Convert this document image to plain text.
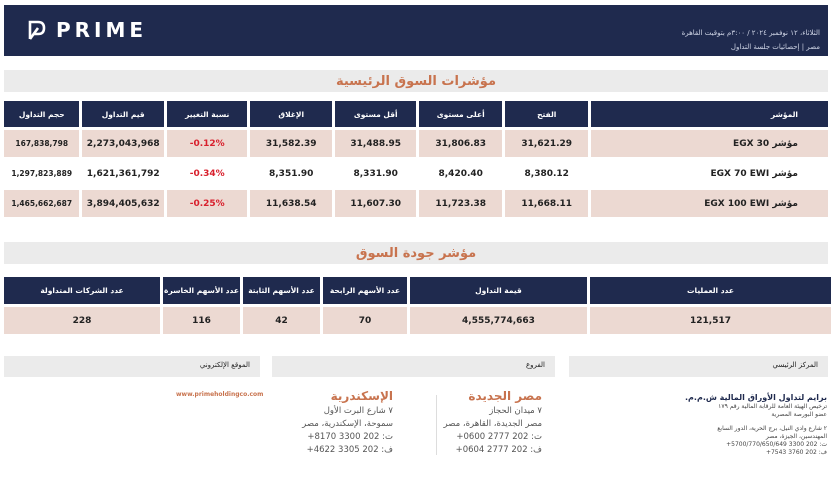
PRIME	الثلاثاء، ١٢ نوفمبر ٢٠٢٤ / ٣:٠٠م بتوقيت القاهرة
مصر | إحصائيات جلسة التداول
مؤشرات السوق الرئيسية
حجم التداول	قيم التداول	نسبة التغيير	الإغلاق	أقل مستوى	أعلى مستوى	الفتح	المؤشر
167,838,798	2,273,043,968	-0.12%	31,582.39	31,488.95	31,806.83	31,621.29	مؤشر EGX 30
1,297,823,889	1,621,361,792	-0.34%	8,351.90	8,331.90	8,420.40	8,380.12	مؤشر EGX 70 EWI
1,465,662,687	3,894,405,632	-0.25%	11,638.54	11,607.30	11,723.38	11,668.11	مؤشر EGX 100 EWI
مؤشر جودة السوق
عدد الشركات المتداولة	عدد الأسهم الخاسرة	عدد الأسهم الثابتة	عدد الأسهم الرابحة	قيمة التداول	عدد العمليات
228	116	42	70	4,555,774,663	121,517
الموقع الإلكتروني	الفروع	المركز الرئيسي
برايم لتداول الأوراق المالية ش.م.م.
ترخيص الهيئة العامة للرقابة المالية رقم ١٧٩
عضو البورصة المصرية
٢ شارع وادي النيل، برج الحرية، الدور السابع
المهندسين، الجيزة، مصر
ت: 202 3300 5700/770/650/649+
ف: 202 3760 7543+
مصر الجديدة
٧ ميدان الحجاز
مصر الجديدة، القاهرة، مصر
ت: 202 2777 0600+
ف: 202 2777 0604+
الإسكندرية
٧ شارع البرت الأول
سموحة، الإسكندرية، مصر
ت: 202 3300 8170+
ف: 202 3305 4622+
www.primeholdingco.com
